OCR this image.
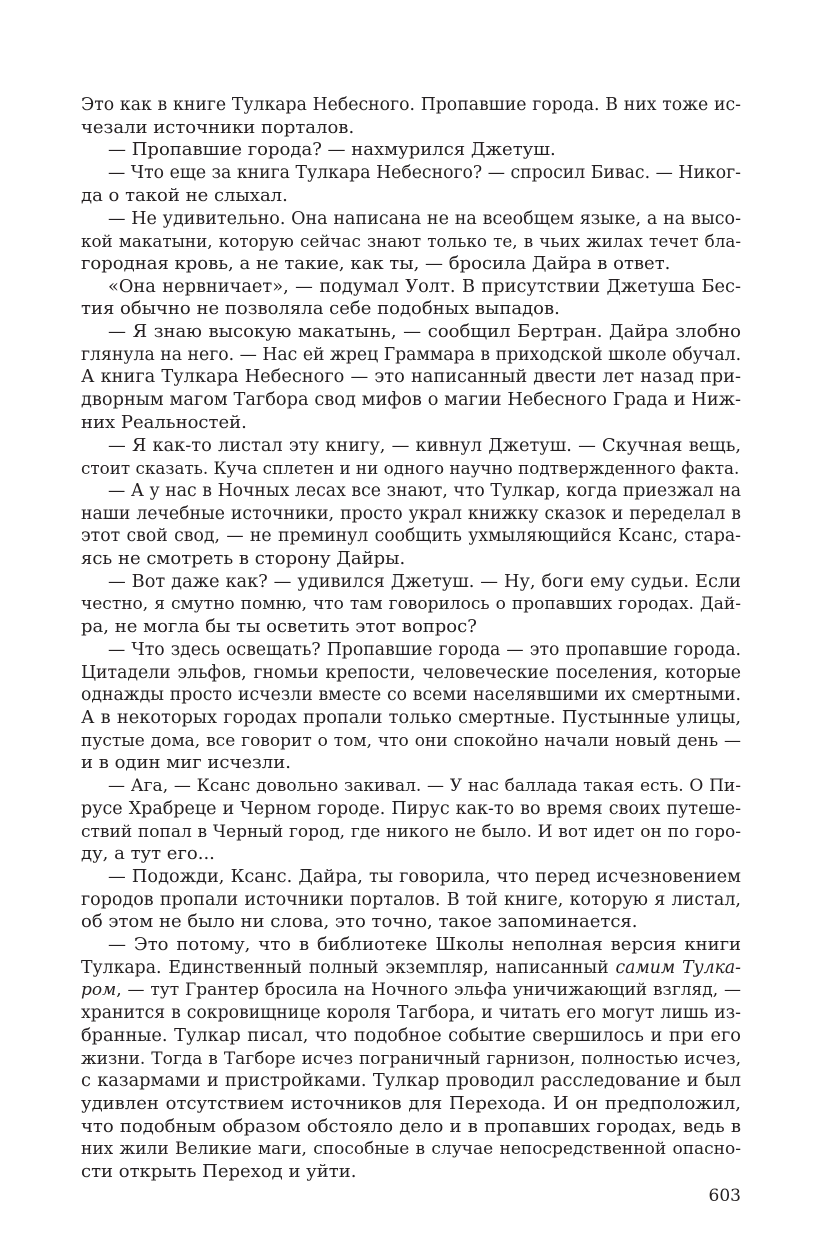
Это как в книге Тулкара Небесного. Пропавшие города. В них тоже ис-
чезали источники порталов.
— Пропавшие города? — нахмурился Джетуш.
— Что еще за книга Тулкара Небесного? — спросил Бивас. — Никог-
да о такой не слыхал.
— Не удивительно. Она написана не на всеобщем языке, а на высо-
кой макатыни, которую сейчас знают только те, в чьих жилах течет бла-
городная кровь, а не такие, как ты, — бросила Дайра в ответ.
«Она нервничает», — подумал Уолт. В присутствии Джетуша Бес-
тия обычно не позволяла себе подобных выпадов.
— Я знаю высокую макатынь, — сообщил Бертран. Дайра злобно
глянула на него. — Нас ей жрец Граммара в приходской школе обучал.
А книга Тулкара Небесного — это написанный двести лет назад при-
дворным магом Тагбора свод мифов о магии Небесного Града и Ниж-
них Реальностей.
— Я как-то листал эту книгу, — кивнул Джетуш. — Скучная вещь,
стоит сказать. Куча сплетен и ни одного научно подтвержденного факта.
— А у нас в Ночных лесах все знают, что Тулкар, когда приезжал на
наши лечебные источники, просто украл книжку сказок и переделал в
этот свой свод, — не преминул сообщить ухмыляющийся Ксанс, стара-
ясь не смотреть в сторону Дайры.
— Вот даже как? — удивился Джетуш. — Ну, боги ему судьи. Если
честно, я смутно помню, что там говорилось о пропавших городах. Дай-
ра, не могла бы ты осветить этот вопрос?
— Что здесь освещать? Пропавшие города — это пропавшие города.
Цитадели эльфов, гномьи крепости, человеческие поселения, которые
однажды просто исчезли вместе со всеми населявшими их смертными.
А в некоторых городах пропали только смертные. Пустынные улицы,
пустые дома, все говорит о том, что они спокойно начали новый день —
и в один миг исчезли.
— Ага, — Ксанс довольно закивал. — У нас баллада такая есть. О Пи-
русе Храбреце и Черном городе. Пирус как-то во время своих путеше-
ствий попал в Черный город, где никого не было. И вот идет он по горо-
ду, а тут его...
— Подожди, Ксанс. Дайра, ты говорила, что перед исчезновением
городов пропали источники порталов. В той книге, которую я листал,
об этом не было ни слова, это точно, такое запоминается.
— Это потому, что в библиотеке Школы неполная версия книги
Тулкара. Единственный полный экземпляр, написанный самим Тулка-
ром, — тут Грантер бросила на Ночного эльфа уничижающий взгляд, —
хранится в сокровищнице короля Тагбора, и читать его могут лишь из-
бранные. Тулкар писал, что подобное событие свершилось и при его
жизни. Тогда в Тагборе исчез пограничный гарнизон, полностью исчез,
с казармами и пристройками. Тулкар проводил расследование и был
удивлен отсутствием источников для Перехода. И он предположил,
что подобным образом обстояло дело и в пропавших городах, ведь в
них жили Великие маги, способные в случае непосредственной опасно-
сти открыть Переход и уйти.
603
